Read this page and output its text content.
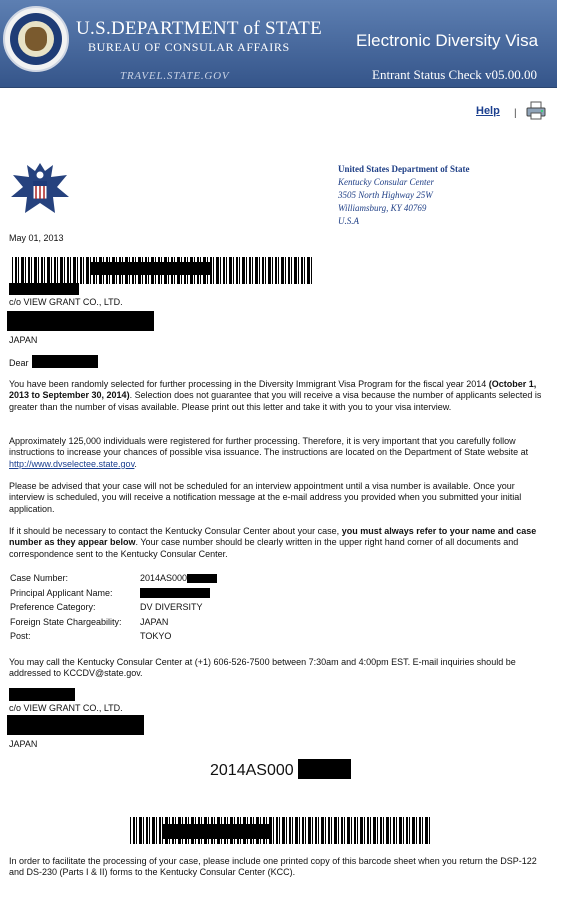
U.S.DEPARTMENT of STATE
BUREAU OF CONSULAR AFFAIRS
TRAVEL.STATE.GOV
Electronic Diversity Visa
Entrant Status Check v05.00.00
Help |
United States Department of State
Kentucky Consular Center
3505 North Highway 25W
Williamsburg, KY 40769
U.S.A
May 01, 2013
c/o VIEW GRANT CO., LTD.
JAPAN
Dear

You have been randomly selected for further processing in the Diversity Immigrant Visa Program for the fiscal year 2014 (October 1, 2013 to September 30, 2014). Selection does not guarantee that you will receive a visa because the number of applicants selected is greater than the number of visas available. Please print out this letter and take it with you to your visa interview.

Approximately 125,000 individuals were registered for further processing. Therefore, it is very important that you carefully follow instructions to increase your chances of possible visa issuance. The instructions are located on the Department of State website at http://www.dvselectee.state.gov.

Please be advised that your case will not be scheduled for an interview appointment until a visa number is available. Once your interview is scheduled, you will receive a notification message at the e-mail address you provided when you submitted your initial application.

If it should be necessary to contact the Kentucky Consular Center about your case, you must always refer to your name and case number as they appear below. Your case number should be clearly written in the upper right hand corner of all documents and correspondence sent to the Kentucky Consular Center.

Case Number:	2014AS000
Principal Applicant Name:	
Preference Category:	DV DIVERSITY
Foreign State Chargeability:	JAPAN
Post:	TOKYO

You may call the Kentucky Consular Center at (+1) 606-526-7500 between 7:30am and 4:00pm EST. E-mail inquiries should be addressed to KCCDV@state.gov.

c/o VIEW GRANT CO., LTD.
JAPAN
2014AS000

In order to facilitate the processing of your case, please include one printed copy of this barcode sheet when you return the DSP-122 and DS-230 (Parts I & II) forms to the Kentucky Consular Center (KCC).
